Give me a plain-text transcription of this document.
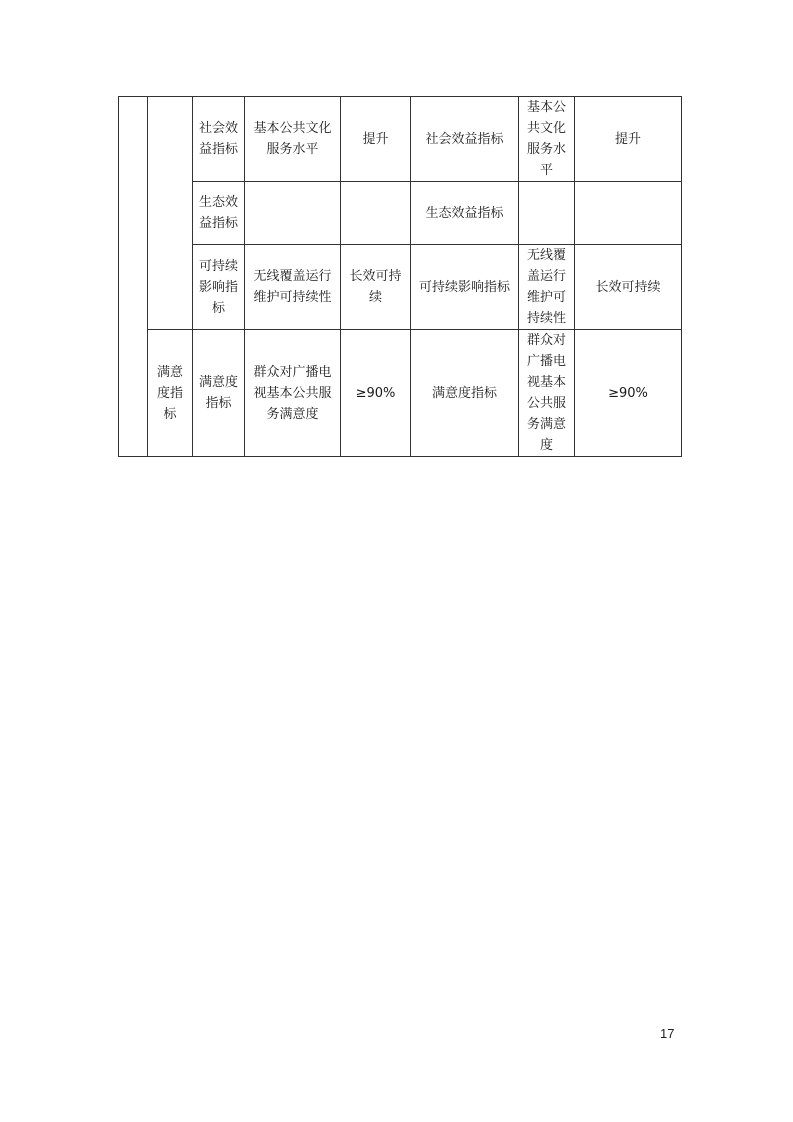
		社会效益指标	基本公共文化服务水平	提升	社会效益指标	基本公共文化服务水平	提升
		生态效益指标			生态效益指标		
		可持续影响指标	无线覆盖运行维护可持续性	长效可持续	可持续影响指标	无线覆盖运行维护可持续性	长效可持续
	满意度指标	满意度指标	群众对广播电视基本公共服务满意度	≥90%	满意度指标	群众对广播电视基本公共服务满意度	≥90%
17
